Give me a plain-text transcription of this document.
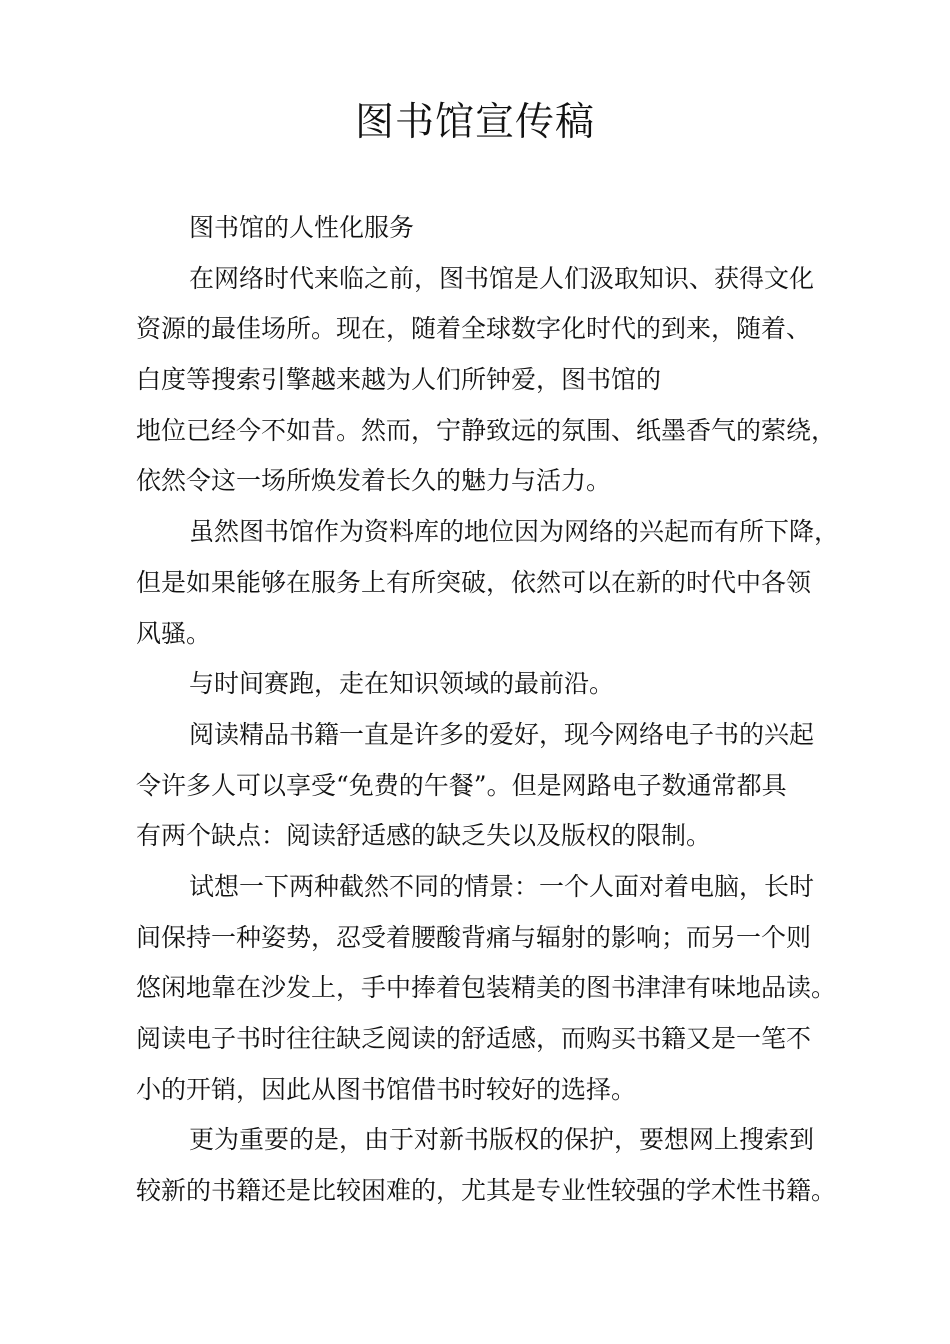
图书馆宣传稿
图书馆的人性化服务
在网络时代来临之前，图书馆是人们汲取知识、获得文化
资源的最佳场所。现在，随着全球数字化时代的到来，随着、
白度等搜索引擎越来越为人们所钟爱，图书馆的
地位已经今不如昔。然而，宁静致远的氛围、纸墨香气的萦绕，
依然令这一场所焕发着长久的魅力与活力。
虽然图书馆作为资料库的地位因为网络的兴起而有所下降，
但是如果能够在服务上有所突破，依然可以在新的时代中各领
风骚。
与时间赛跑，走在知识领域的最前沿。
阅读精品书籍一直是许多的爱好，现今网络电子书的兴起
令许多人可以享受“免费的午餐”。但是网路电子数通常都具
有两个缺点：阅读舒适感的缺乏失以及版权的限制。
试想一下两种截然不同的情景：一个人面对着电脑，长时
间保持一种姿势，忍受着腰酸背痛与辐射的影响；而另一个则
悠闲地靠在沙发上，手中捧着包装精美的图书津津有味地品读。
阅读电子书时往往缺乏阅读的舒适感，而购买书籍又是一笔不
小的开销，因此从图书馆借书时较好的选择。
更为重要的是，由于对新书版权的保护，要想网上搜索到
较新的书籍还是比较困难的，尤其是专业性较强的学术性书籍。
